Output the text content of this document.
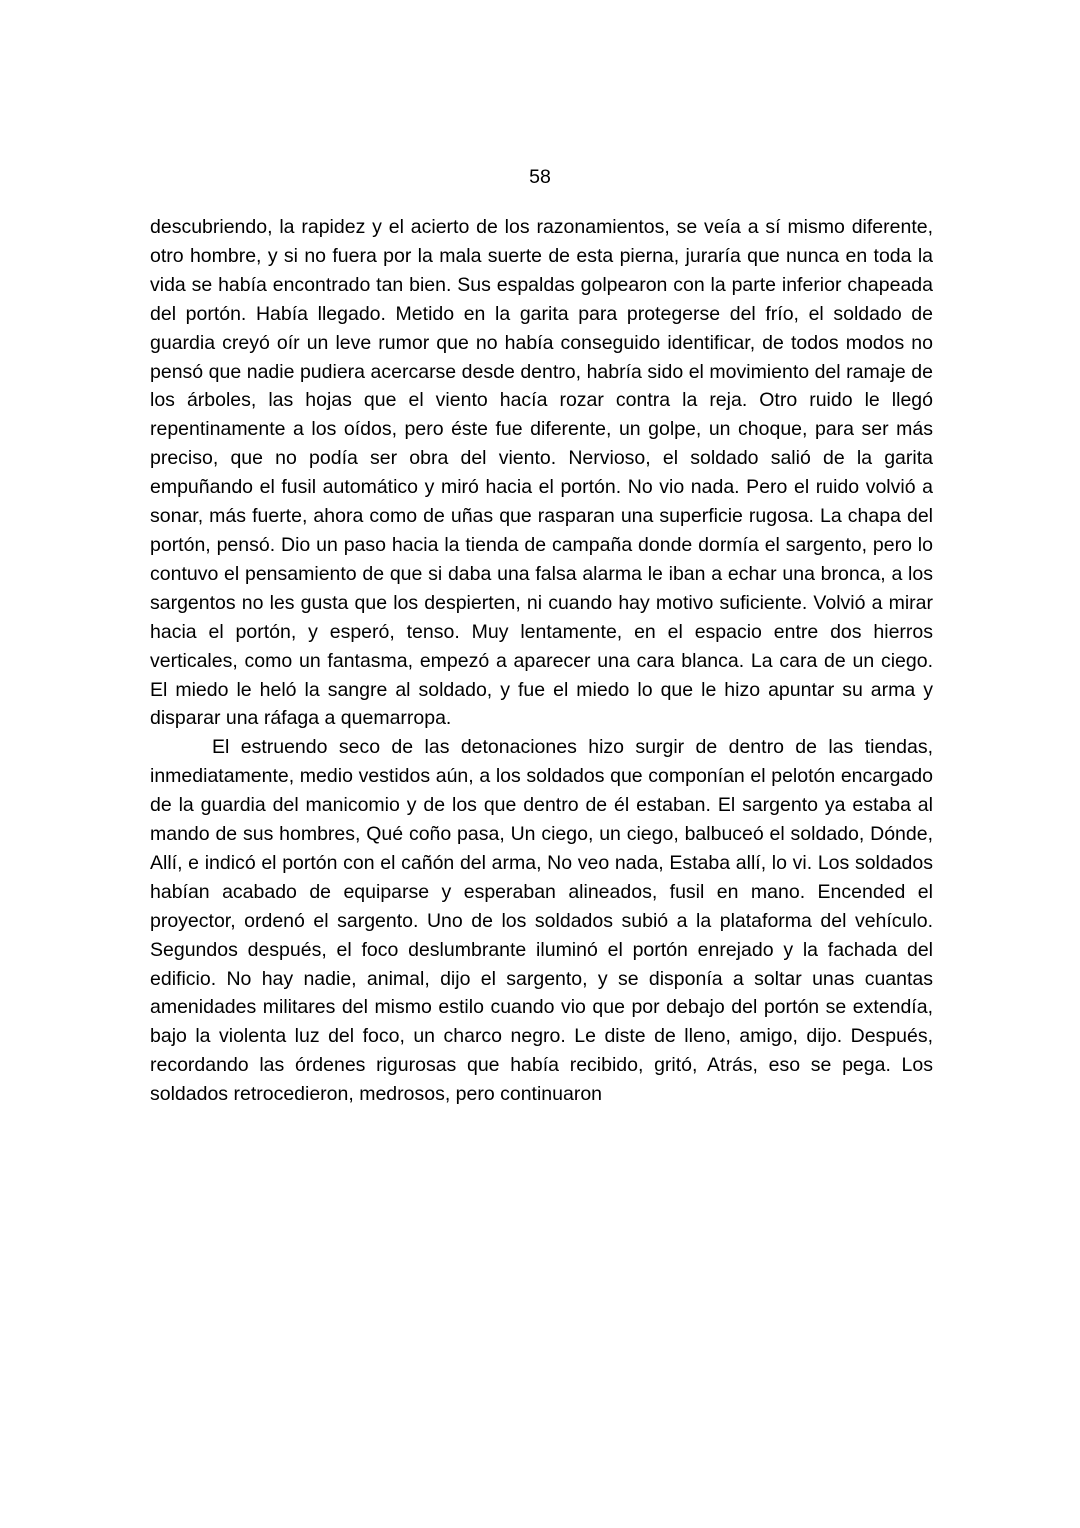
58

descubriendo, la rapidez y el acierto de los razonamientos, se veía a sí mismo diferente, otro hombre, y si no fuera por la mala suerte de esta pierna, juraría que nunca en toda la vida se había encontrado tan bien. Sus espaldas golpearon con la parte inferior chapeada del portón. Había llegado. Metido en la garita para protegerse del frío, el soldado de guardia creyó oír un leve rumor que no había conseguido identificar, de todos modos no pensó que nadie pudiera acercarse desde dentro, habría sido el movimiento del ramaje de los árboles, las hojas que el viento hacía rozar contra la reja. Otro ruido le llegó repentinamente a los oídos, pero éste fue diferente, un golpe, un choque, para ser más preciso, que no podía ser obra del viento. Nervioso, el soldado salió de la garita empuñando el fusil automático y miró hacia el portón. No vio nada. Pero el ruido volvió a sonar, más fuerte, ahora como de uñas que rasparan una superficie rugosa. La chapa del portón, pensó. Dio un paso hacia la tienda de campaña donde dormía el sargento, pero lo contuvo el pensamiento de que si daba una falsa alarma le iban a echar una bronca, a los sargentos no les gusta que los despierten, ni cuando hay motivo suficiente. Volvió a mirar hacia el portón, y esperó, tenso. Muy lentamente, en el espacio entre dos hierros verticales, como un fantasma, empezó a aparecer una cara blanca. La cara de un ciego. El miedo le heló la sangre al soldado, y fue el miedo lo que le hizo apuntar su arma y disparar una ráfaga a quemarropa.

El estruendo seco de las detonaciones hizo surgir de dentro de las tiendas, inmediatamente, medio vestidos aún, a los soldados que componían el pelotón encargado de la guardia del manicomio y de los que dentro de él estaban. El sargento ya estaba al mando de sus hombres, Qué coño pasa, Un ciego, un ciego, balbuceó el soldado, Dónde, Allí, e indicó el portón con el cañón del arma, No veo nada, Estaba allí, lo vi. Los soldados habían acabado de equiparse y esperaban alineados, fusil en mano. Encended el proyector, ordenó el sargento. Uno de los soldados subió a la plataforma del vehículo. Segundos después, el foco deslumbrante iluminó el portón enrejado y la fachada del edificio. No hay nadie, animal, dijo el sargento, y se disponía a soltar unas cuantas amenidades militares del mismo estilo cuando vio que por debajo del portón se extendía, bajo la violenta luz del foco, un charco negro. Le diste de lleno, amigo, dijo. Después, recordando las órdenes rigurosas que había recibido, gritó, Atrás, eso se pega. Los soldados retrocedieron, medrosos, pero continuaron
